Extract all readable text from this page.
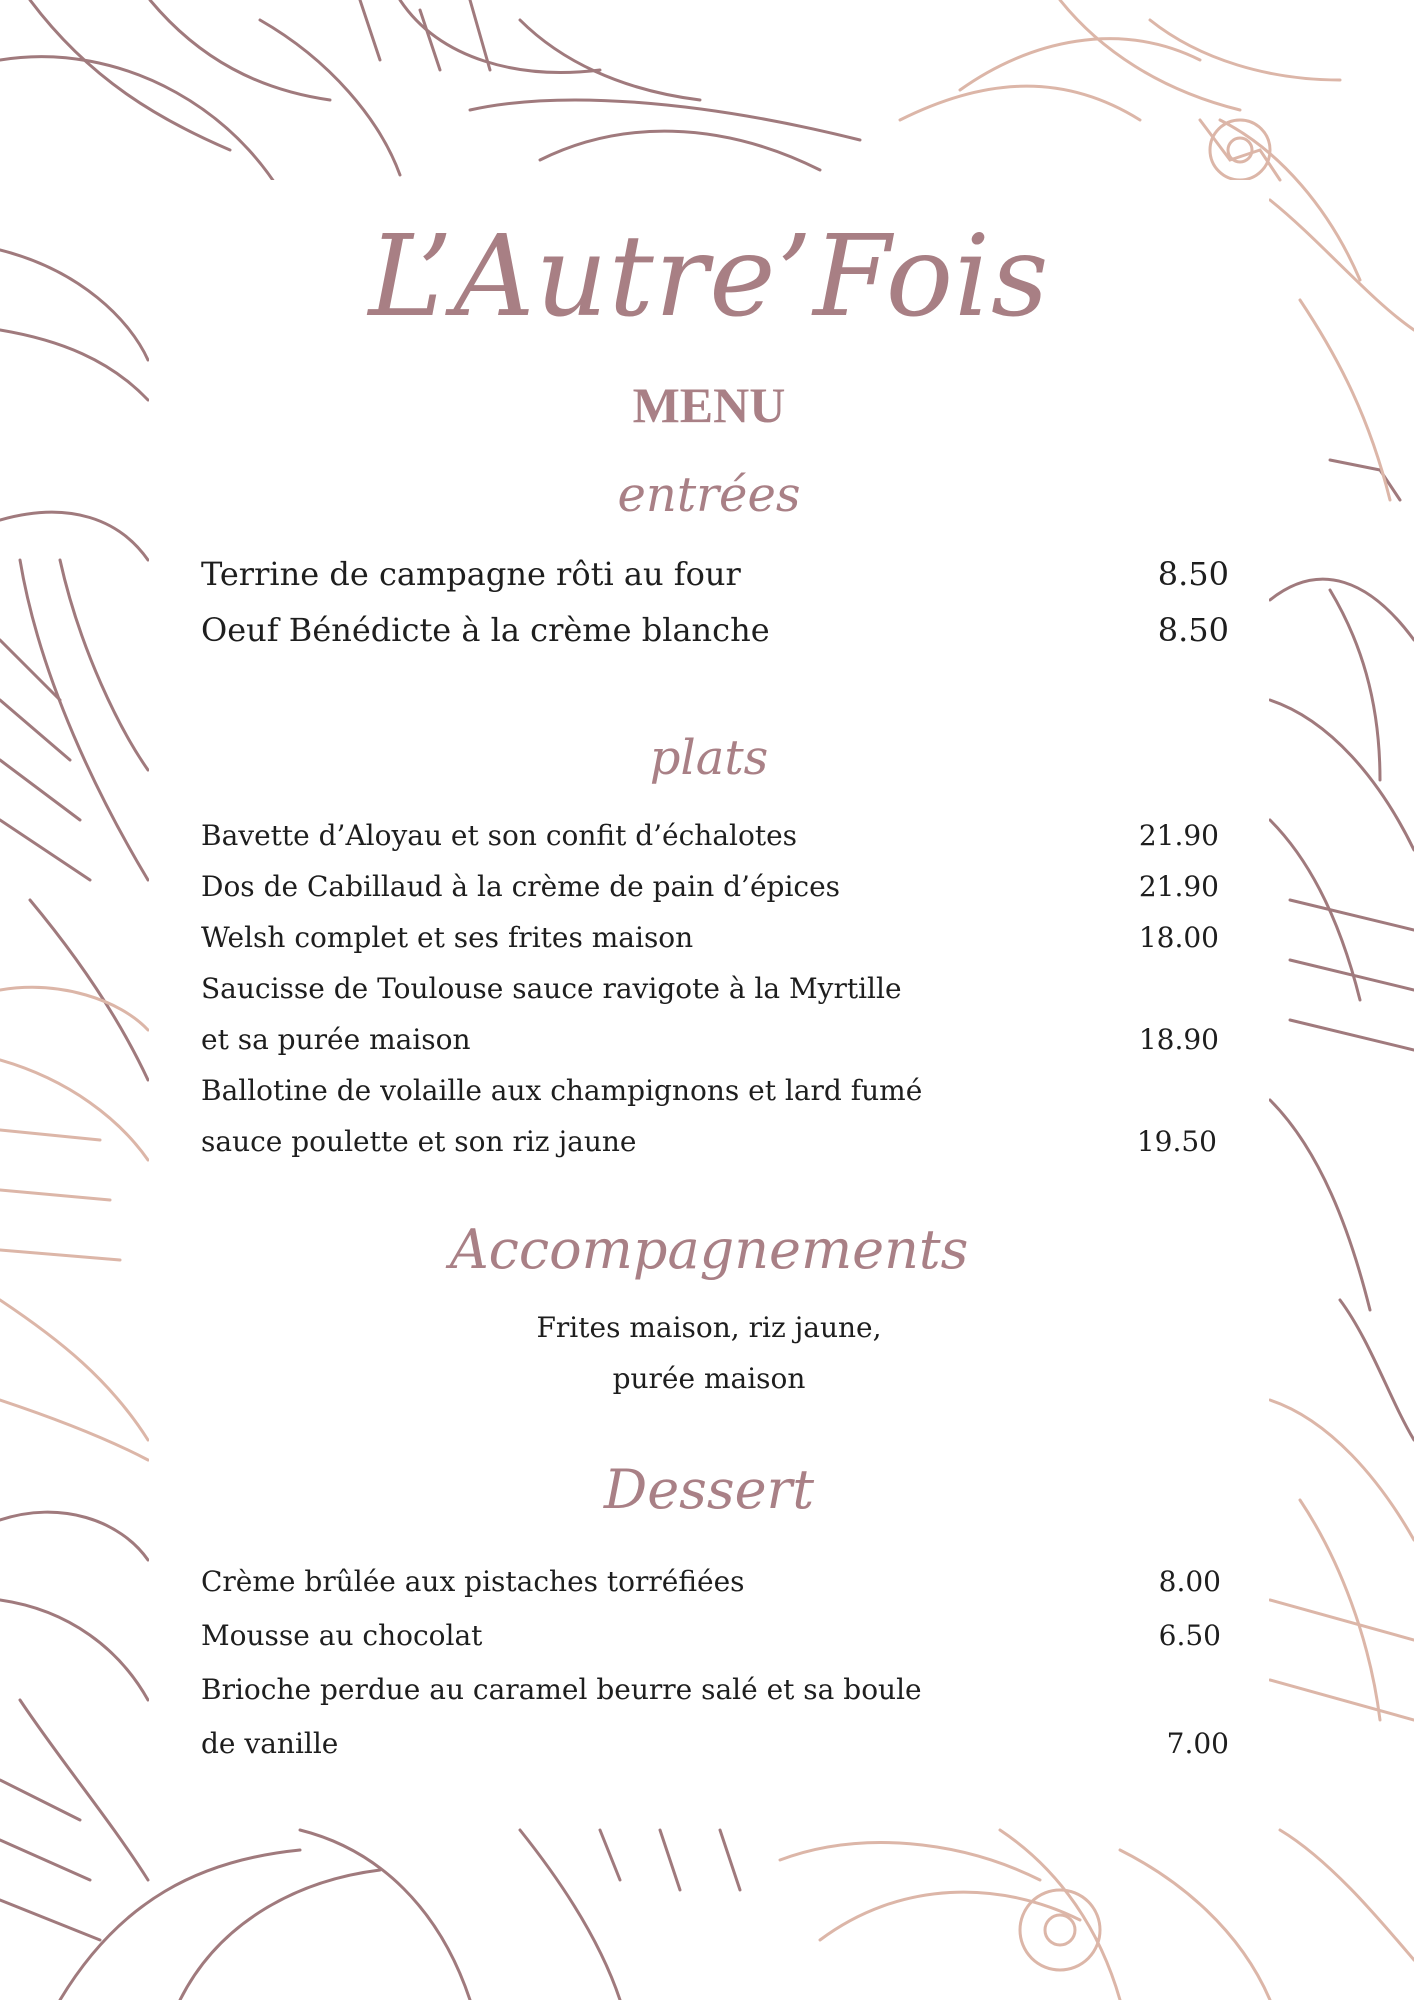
L’Autre’Fois
MENU
entrées
Terrine de campagne rôti au four	8.50
Oeuf Bénédicte à la crème blanche	8.50
plats
Bavette d’Aloyau et son confit d’échalotes	21.90
Dos de Cabillaud à la crème de pain d’épices	21.90
Welsh complet et ses frites maison	18.00
Saucisse de Toulouse sauce ravigote à la Myrtille
et sa purée maison	18.90
Ballotine de volaille aux champignons et lard fumé
sauce poulette et son riz jaune	19.50
Accompagnements
Frites maison, riz jaune,
purée maison
Dessert
Crème brûlée aux pistaches torréfiées	8.00
Mousse au chocolat	6.50
Brioche perdue au caramel beurre salé et sa boule
de vanille	7.00
